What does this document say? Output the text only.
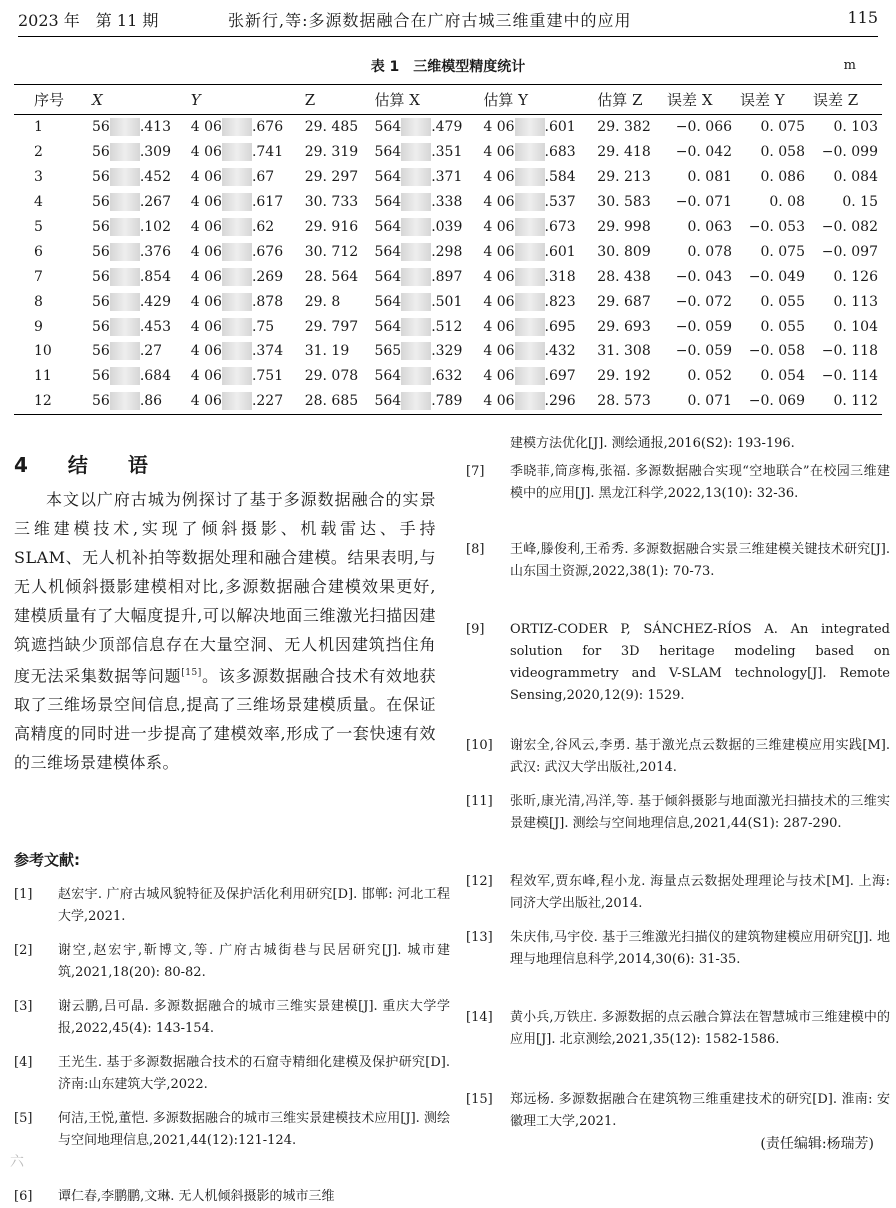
2023 年　第 11 期	张新行,等:多源数据融合在广府古城三维重建中的应用	115
表 1　三维模型精度统计	m
序号	X	Y	Z	估算 X	估算 Y	估算 Z	误差 X	误差 Y	误差 Z
1	56 .413	4 06 .676	29. 485	564 .479	4 06 .601	29. 382	−0. 066	0. 075	0. 103
2	56 .309	4 06 .741	29. 319	564 .351	4 06 .683	29. 418	−0. 042	0. 058	−0. 099
3	56 .452	4 06 .67	29. 297	564 .371	4 06 .584	29. 213	0. 081	0. 086	0. 084
4	56 .267	4 06 .617	30. 733	564 .338	4 06 .537	30. 583	−0. 071	0. 08	0. 15
5	56 .102	4 06 .62	29. 916	564 .039	4 06 .673	29. 998	0. 063	−0. 053	−0. 082
6	56 .376	4 06 .676	30. 712	564 .298	4 06 .601	30. 809	0. 078	0. 075	−0. 097
7	56 .854	4 06 .269	28. 564	564 .897	4 06 .318	28. 438	−0. 043	−0. 049	0. 126
8	56 .429	4 06 .878	29. 8	564 .501	4 06 .823	29. 687	−0. 072	0. 055	0. 113
9	56 .453	4 06 .75	29. 797	564 .512	4 06 .695	29. 693	−0. 059	0. 055	0. 104
10	56 .27	4 06 .374	31. 19	565 .329	4 06 .432	31. 308	−0. 059	−0. 058	−0. 118
11	56 .684	4 06 .751	29. 078	564 .632	4 06 .697	29. 192	0. 052	0. 054	−0. 114
12	56 .86	4 06 .227	28. 685	564 .789	4 06 .296	28. 573	0. 071	−0. 069	0. 112
4　结　语
本文以广府古城为例探讨了基于多源数据融合的实景三维建模技术,实现了倾斜摄影、机载雷达、手持 SLAM、无人机补拍等数据处理和融合建模。结果表明,与无人机倾斜摄影建模相对比,多源数据融合建模效果更好,建模质量有了大幅度提升,可以解决地面三维激光扫描因建筑遮挡缺少顶部信息存在大量空洞、无人机因建筑挡住角度无法采集数据等问题[15]。该多源数据融合技术有效地获取了三维场景空间信息,提高了三维场景建模质量。在保证高精度的同时进一步提高了建模效率,形成了一套快速有效的三维场景建模体系。
参考文献:
[1]	赵宏宇. 广府古城风貌特征及保护活化利用研究[D]. 邯郸: 河北工程大学,2021.
[2]	谢空,赵宏宇,靳博文,等. 广府古城街巷与民居研究[J]. 城市建筑,2021,18(20): 80-82.
[3]	谢云鹏,吕可晶. 多源数据融合的城市三维实景建模[J]. 重庆大学学报,2022,45(4): 143-154.
[4]	王光生. 基于多源数据融合技术的石窟寺精细化建模及保护研究[D]. 济南:山东建筑大学,2022.
[5]	何洁,王悦,董恺. 多源数据融合的城市三维实景建模技术应用[J]. 测绘与空间地理信息,2021,44(12):121-124.
[6]	谭仁春,李鹏鹏,文琳. 无人机倾斜摄影的城市三维
建模方法优化[J]. 测绘通报,2016(S2): 193-196.
[7]	季晓菲,筒彦梅,张福. 多源数据融合实现“空地联合”在校园三维建模中的应用[J]. 黑龙江科学,2022,13(10): 32-36.
[8]	王峰,滕俊利,王希秀. 多源数据融合实景三维建模关键技术研究[J]. 山东国土资源,2022,38(1): 70-73.
[9]	ORTIZ-CODER P, SÁNCHEZ-RÍOS A. An integrated solution for 3D heritage modeling based on videogrammetry and V-SLAM technology[J]. Remote Sensing,2020,12(9): 1529.
[10]	谢宏全,谷风云,李勇. 基于激光点云数据的三维建模应用实践[M]. 武汉: 武汉大学出版社,2014.
[11]	张昕,康光清,冯洋,等. 基于倾斜摄影与地面激光扫描技术的三维实景建模[J]. 测绘与空间地理信息,2021,44(S1): 287-290.
[12]	程效军,贾东峰,程小龙. 海量点云数据处理理论与技术[M]. 上海: 同济大学出版社,2014.
[13]	朱庆伟,马宇佼. 基于三维激光扫描仪的建筑物建模应用研究[J]. 地理与地理信息科学,2014,30(6): 31-35.
[14]	黄小兵,万铁庄. 多源数据的点云融合算法在智慧城市三维建模中的应用[J]. 北京测绘,2021,35(12): 1582-1586.
[15]	郑远杨. 多源数据融合在建筑物三维重建技术的研究[D]. 淮南: 安徽理工大学,2021.
(责任编辑:杨瑞芳)
六
